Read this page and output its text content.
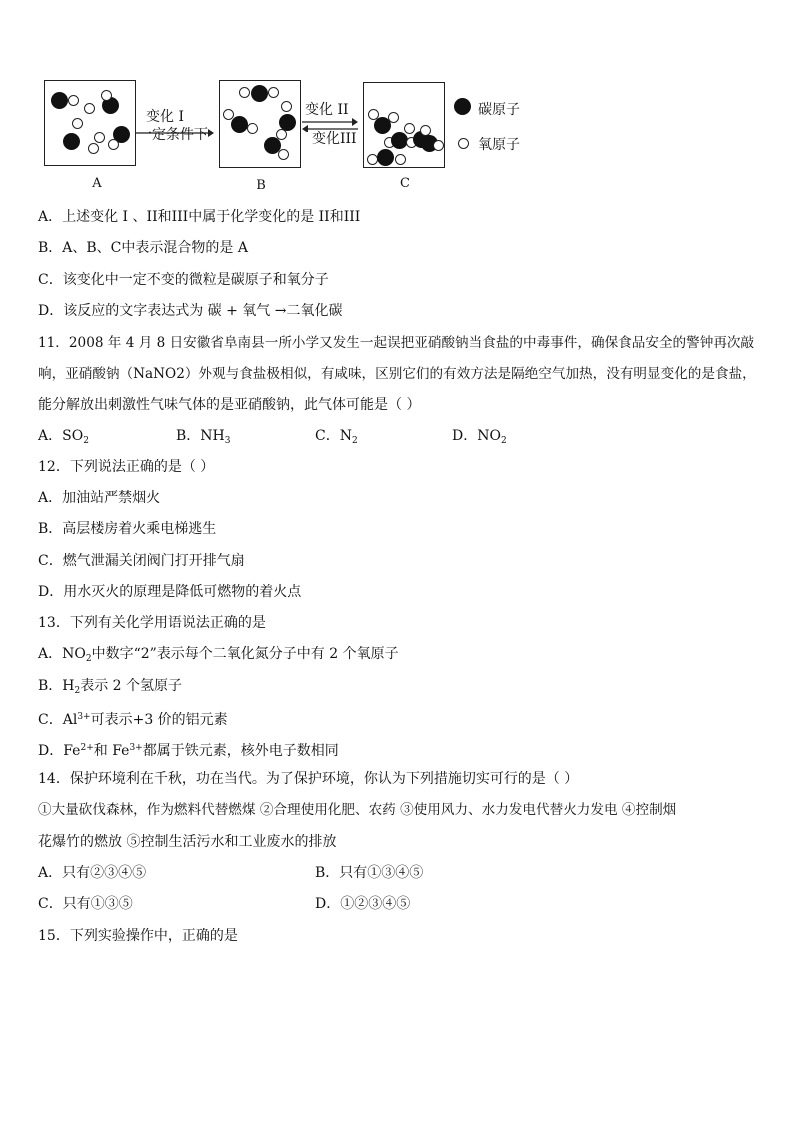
A
变化 I
一定条件下
B
变化 II
变化III
C
碳原子
氧原子
A．上述变化 I 、II和III中属于化学变化的是 II和III
B．A、B、C中表示混合物的是 A
C．该变化中一定不变的微粒是碳原子和氧分子
D．该反应的文字表达式为 碳 + 氧气 →二氧化碳
11．2008 年 4 月 8 日安徽省阜南县一所小学又发生一起误把亚硝酸钠当食盐的中毒事件，确保食品安全的警钟再次敲
响，亚硝酸钠（NaNO2）外观与食盐极相似，有咸味，区别它们的有效方法是隔绝空气加热，没有明显变化的是食盐，
能分解放出刺激性气味气体的是亚硝酸钠，此气体可能是（ ）
A．$SO_2$	B．$NH_3$	C．$N_2$	D．$NO_2$
12．下列说法正确的是（ ）
A．加油站严禁烟火
B．高层楼房着火乘电梯逃生
C．燃气泄漏关闭阀门打开排气扇
D．用水灭火的原理是降低可燃物的着火点
13．下列有关化学用语说法正确的是
A．$NO_2$中数字“2”表示每个二氧化氮分子中有 2 个氧原子
B．$H_2$表示 2 个氢原子
C．$Al^{3+}$可表示+3 价的铝元素
D．$Fe^{2+}$和 $Fe^{3+}$都属于铁元素，核外电子数相同
14．保护环境利在千秋，功在当代。为了保护环境，你认为下列措施切实可行的是（ ）
①大量砍伐森林，作为燃料代替燃煤 ②合理使用化肥、农药 ③使用风力、水力发电代替火力发电 ④控制烟
花爆竹的燃放 ⑤控制生活污水和工业废水的排放
A．只有②③④⑤	B．只有①③④⑤
C．只有①③⑤	D．①②③④⑤
15．下列实验操作中，正确的是
